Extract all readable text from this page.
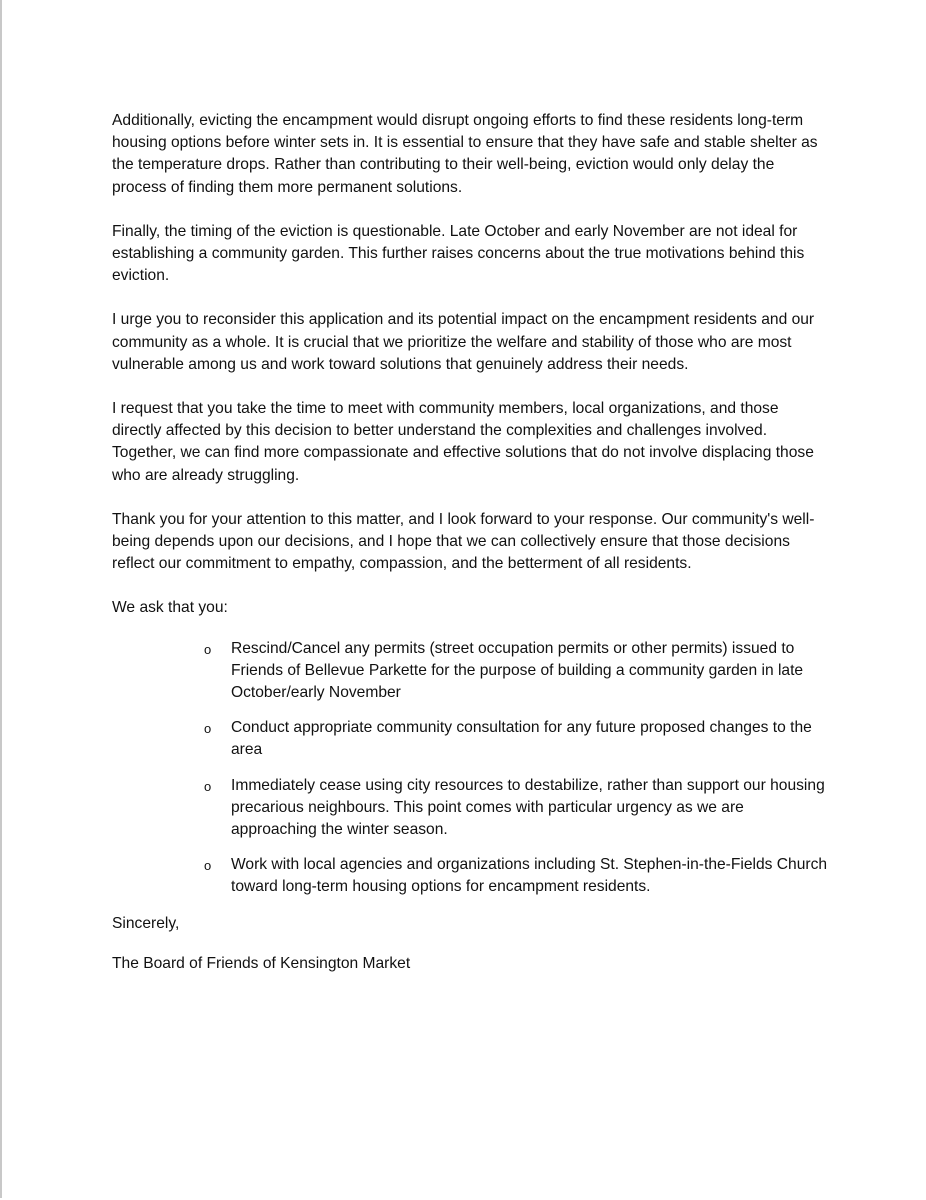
Additionally, evicting the encampment would disrupt ongoing efforts to find these residents long-term housing options before winter sets in. It is essential to ensure that they have safe and stable shelter as the temperature drops. Rather than contributing to their well-being, eviction would only delay the process of finding them more permanent solutions.

Finally, the timing of the eviction is questionable. Late October and early November are not ideal for establishing a community garden. This further raises concerns about the true motivations behind this eviction.

I urge you to reconsider this application and its potential impact on the encampment residents and our community as a whole. It is crucial that we prioritize the welfare and stability of those who are most vulnerable among us and work toward solutions that genuinely address their needs.

I request that you take the time to meet with community members, local organizations, and those directly affected by this decision to better understand the complexities and challenges involved. Together, we can find more compassionate and effective solutions that do not involve displacing those who are already struggling.

Thank you for your attention to this matter, and I look forward to your response. Our community's well-being depends upon our decisions, and I hope that we can collectively ensure that those decisions reflect our commitment to empathy, compassion, and the betterment of all residents.

We ask that you:

o Rescind/Cancel any permits (street occupation permits or other permits) issued to Friends of Bellevue Parkette for the purpose of building a community garden in late October/early November
o Conduct appropriate community consultation for any future proposed changes to the area
o Immediately cease using city resources to destabilize, rather than support our housing precarious neighbours. This point comes with particular urgency as we are approaching the winter season.
o Work with local agencies and organizations including St. Stephen-in-the-Fields Church toward long-term housing options for encampment residents.

Sincerely,

The Board of Friends of Kensington Market
